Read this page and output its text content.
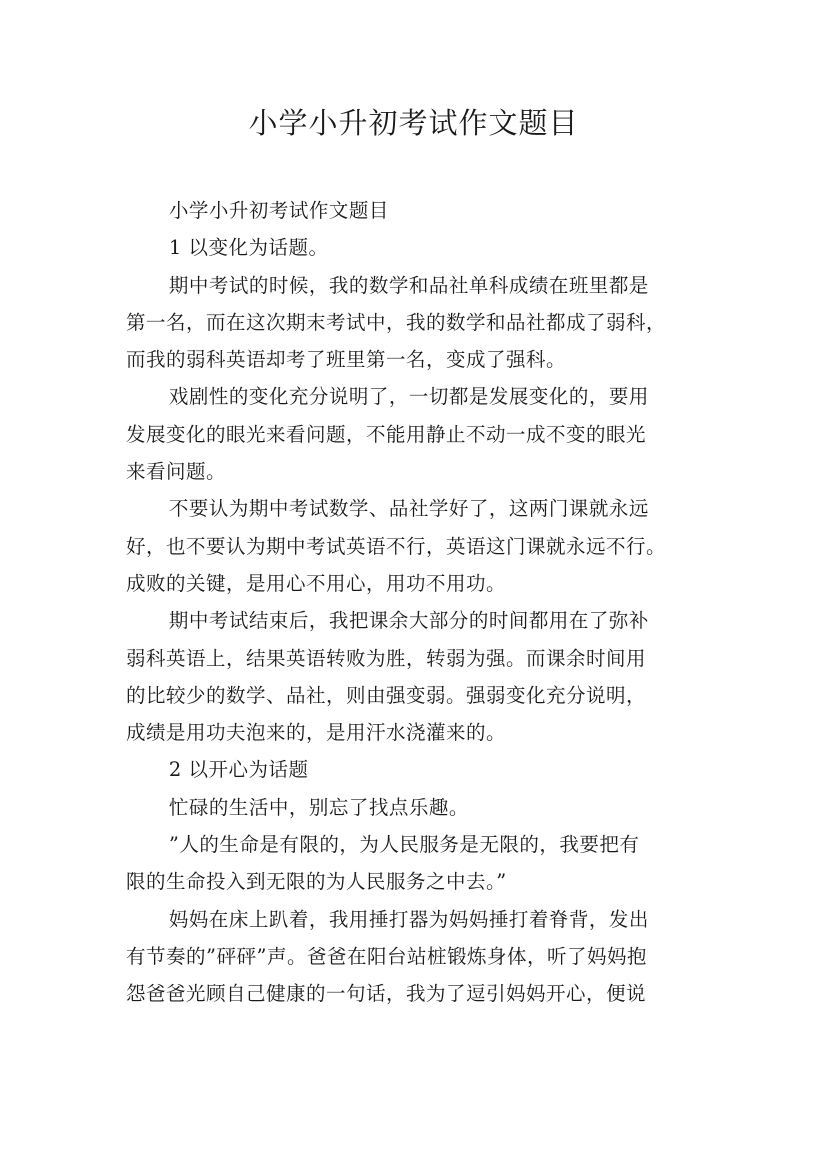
小学小升初考试作文题目
小学小升初考试作文题目
1 以变化为话题。
期中考试的时候，我的数学和品社单科成绩在班里都是
第一名，而在这次期末考试中，我的数学和品社都成了弱科，
而我的弱科英语却考了班里第一名，变成了强科。
戏剧性的变化充分说明了，一切都是发展变化的，要用
发展变化的眼光来看问题，不能用静止不动一成不变的眼光
来看问题。
不要认为期中考试数学、品社学好了，这两门课就永远
好，也不要认为期中考试英语不行，英语这门课就永远不行。
成败的关键，是用心不用心，用功不用功。
期中考试结束后，我把课余大部分的时间都用在了弥补
弱科英语上，结果英语转败为胜，转弱为强。而课余时间用
的比较少的数学、品社，则由强变弱。强弱变化充分说明，
成绩是用功夫泡来的，是用汗水浇灌来的。
2 以开心为话题
忙碌的生活中，别忘了找点乐趣。
”人的生命是有限的，为人民服务是无限的，我要把有
限的生命投入到无限的为人民服务之中去。”
妈妈在床上趴着，我用捶打器为妈妈捶打着脊背，发出
有节奏的”砰砰”声。爸爸在阳台站桩锻炼身体，听了妈妈抱
怨爸爸光顾自己健康的一句话，我为了逗引妈妈开心，便说
